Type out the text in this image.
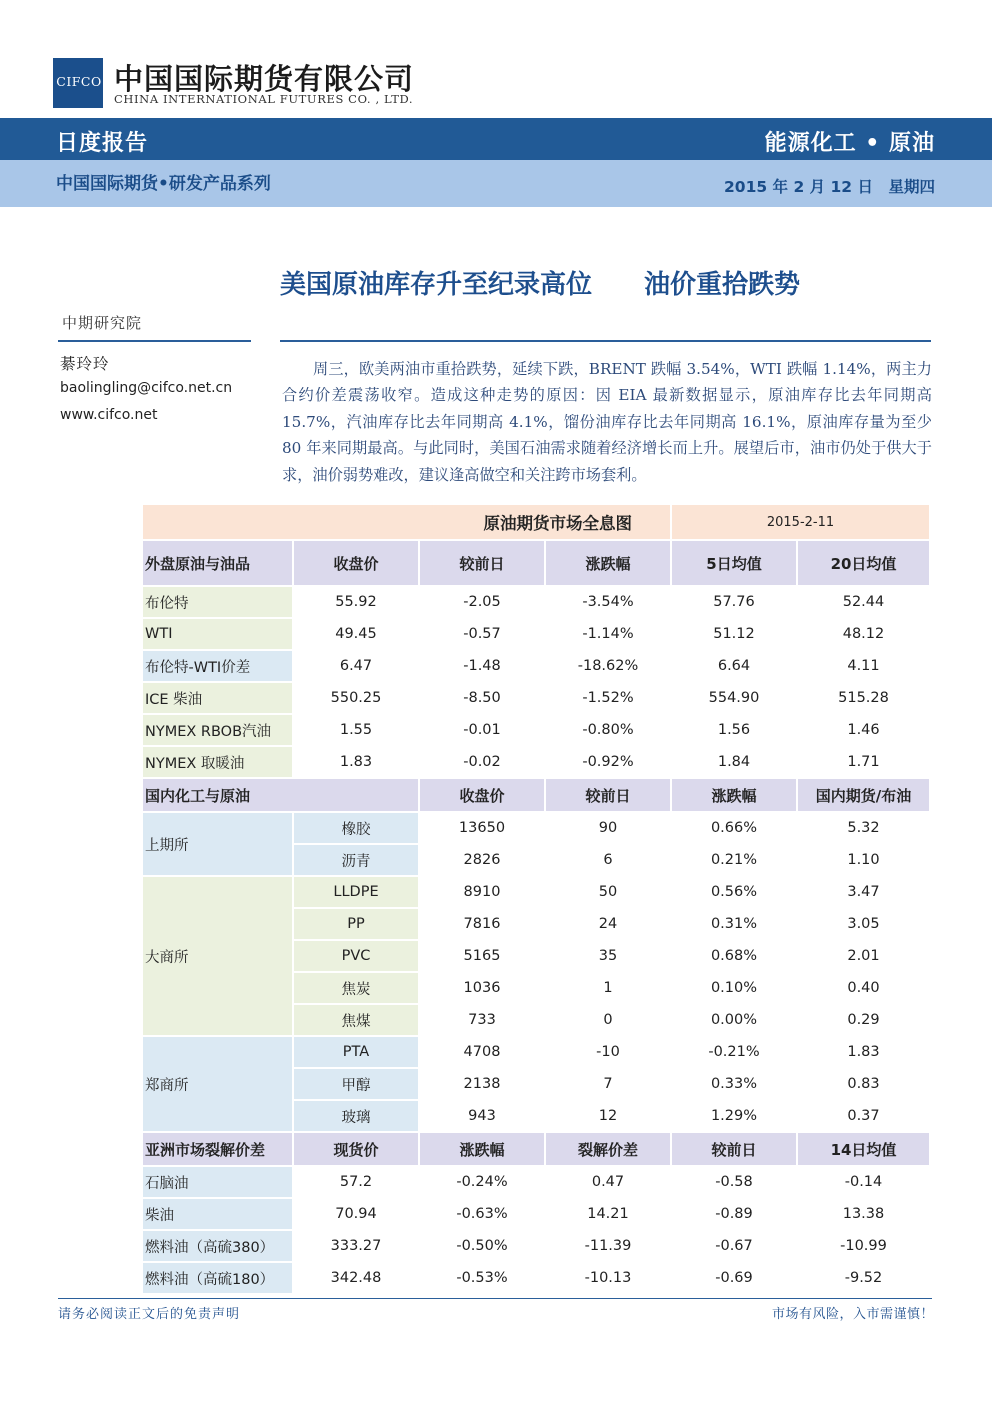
CIFCO 中国国际期货有限公司
CHINA INTERNATIONAL FUTURES CO. , LTD.
日度报告	能源化工 • 原油
中国国际期货•研发产品系列	2015 年 2 月 12 日　星期四
美国原油库存升至纪录高位　　油价重拾跌势
中期研究院
綦玲玲
baolingling@cifco.net.cn
www.cifco.net
周三，欧美两油市重拾跌势，延续下跌，BRENT 跌幅 3.54%，WTI 跌幅 1.14%，两主力合约价差震荡收窄。造成这种走势的原因：因 EIA 最新数据显示，原油库存比去年同期高 15.7%，汽油库存比去年同期高 4.1%，馏份油库存比去年同期高 16.1%，原油库存量为至少 80 年来同期最高。与此同时，美国石油需求随着经济增长而上升。展望后市，油市仍处于供大于求，油价弱势难改，建议逢高做空和关注跨市场套利。
原油期货市场全息图				2015-2-11	
外盘原油与油品	收盘价	较前日	涨跌幅	5日均值	20日均值
布伦特	55.92	-2.05	-3.54%	57.76	52.44
WTI	49.45	-0.57	-1.14%	51.12	48.12
布伦特-WTI价差	6.47	-1.48	-18.62%	6.64	4.11
ICE 柴油	550.25	-8.50	-1.52%	554.90	515.28
NYMEX RBOB汽油	1.55	-0.01	-0.80%	1.56	1.46
NYMEX 取暖油	1.83	-0.02	-0.92%	1.84	1.71
国内化工与原油		收盘价	较前日	涨跌幅	国内期货/布油
上期所	橡胶	13650	90	0.66%	5.32
	沥青	2826	6	0.21%	1.10
大商所	LLDPE	8910	50	0.56%	3.47
	PP	7816	24	0.31%	3.05
	PVC	5165	35	0.68%	2.01
	焦炭	1036	1	0.10%	0.40
	焦煤	733	0	0.00%	0.29
郑商所	PTA	4708	-10	-0.21%	1.83
	甲醇	2138	7	0.33%	0.83
	玻璃	943	12	1.29%	0.37
亚洲市场裂解价差	现货价	涨跌幅	裂解价差	较前日	14日均值
石脑油	57.2	-0.24%	0.47	-0.58	-0.14
柴油	70.94	-0.63%	14.21	-0.89	13.38
燃料油（高硫380）	333.27	-0.50%	-11.39	-0.67	-10.99
燃料油（高硫180）	342.48	-0.53%	-10.13	-0.69	-9.52
请务必阅读正文后的免责声明	市场有风险，入市需谨慎！
